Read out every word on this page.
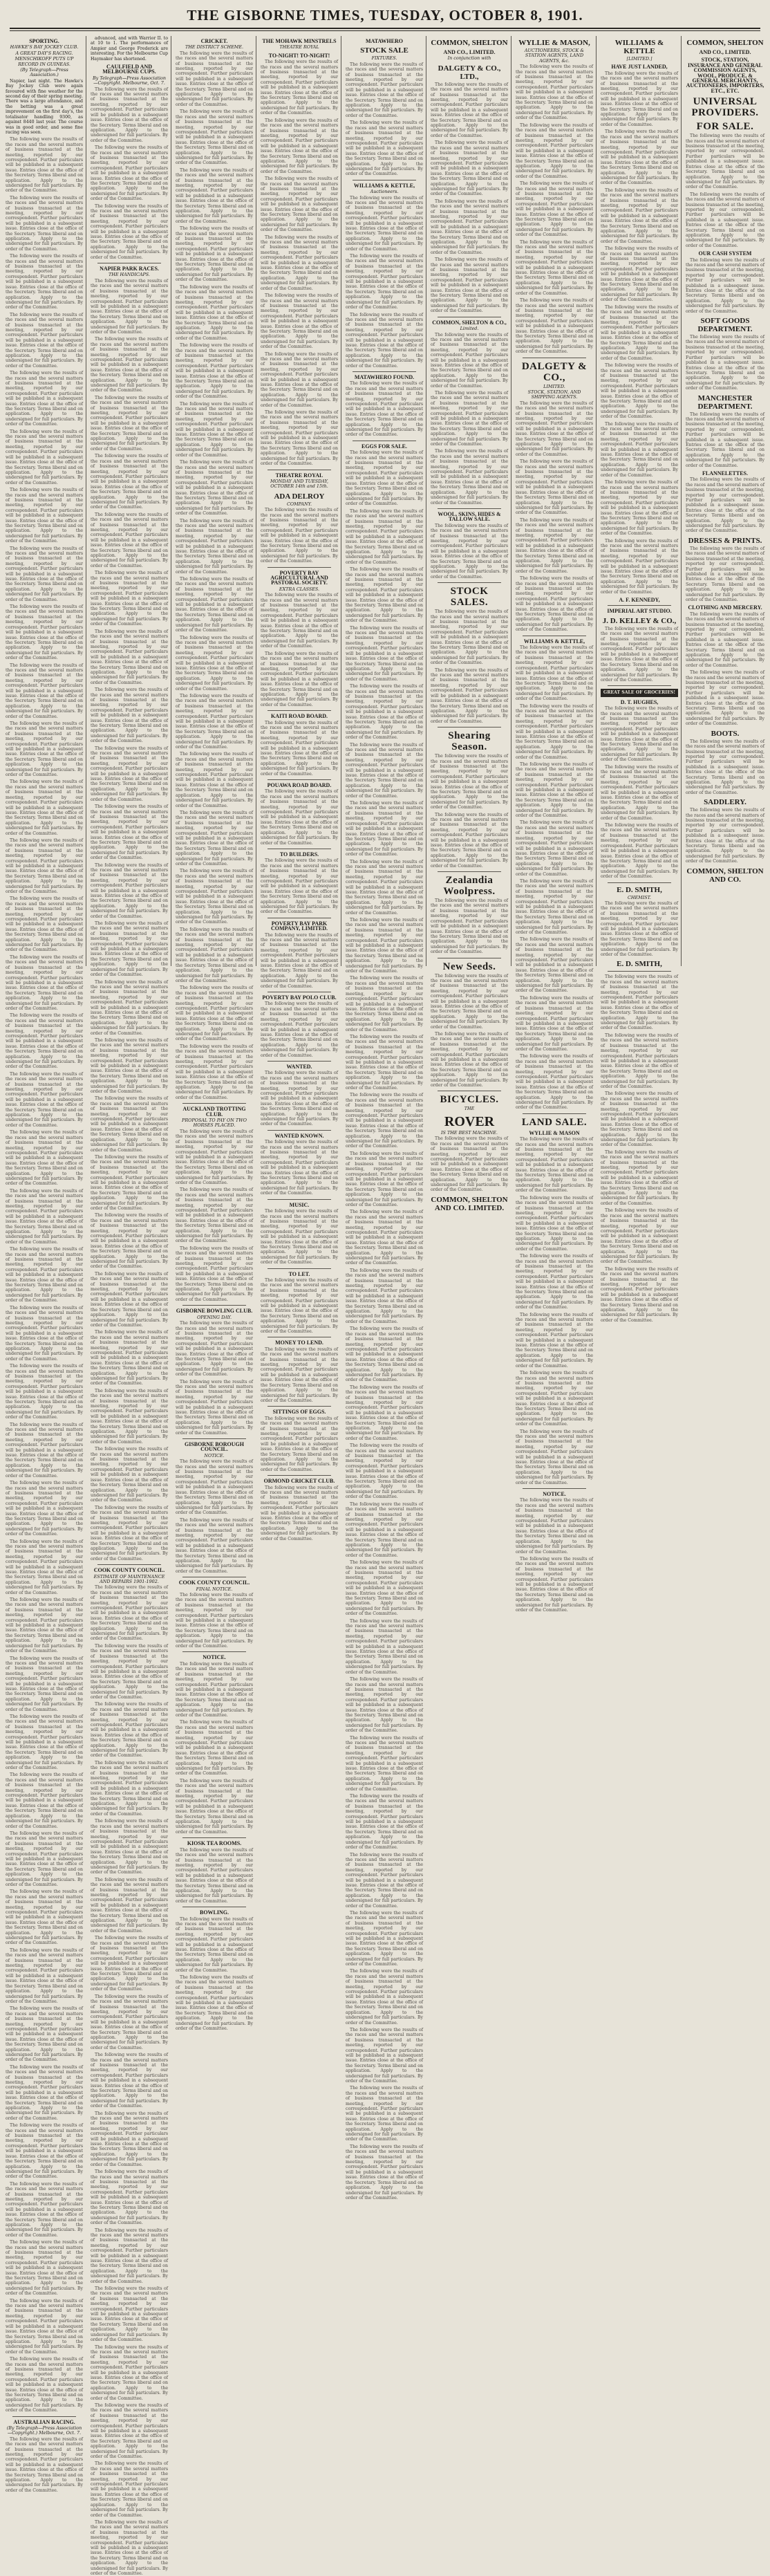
THE GISBORNE TIMES, TUESDAY, OCTOBER 8, 1901.
SPORTING.
HAWKE'S BAY JOCKEY CLUB.
A GREAT DAY'S RACING.
MENSCHIKOFF PUTS UP RECORD IN GUINEAS.
(By Telegraph—Press Association.)

Napier, last night. The Hawke's Bay Jockey Club were again favoured with fine weather for the second day of their spring meeting. There was a large attendance, and the betting was a great improvement on the first day's, the totalisator handling 9300, as against 8440 last year. The course was in good order, and some fine racing was seen.

The following were the results of the races and the several matters of business transacted at the meeting, reported by our correspondent. Further particulars will be published in a subsequent issue. Entries close at the office of the Secretary. Terms liberal and on application. Apply to the undersigned for full particulars. By order of the Committee.

The following were the results of the races and the several matters of business transacted at the meeting, reported by our correspondent. Further particulars will be published in a subsequent issue. Entries close at the office of the Secretary. Terms liberal and on application. Apply to the undersigned for full particulars. By order of the Committee.

The following were the results of the races and the several matters of business transacted at the meeting, reported by our correspondent. Further particulars will be published in a subsequent issue. Entries close at the office of the Secretary. Terms liberal and on application. Apply to the undersigned for full particulars. By order of the Committee.

The following were the results of the races and the several matters of business transacted at the meeting, reported by our correspondent. Further particulars will be published in a subsequent issue. Entries close at the office of the Secretary. Terms liberal and on application. Apply to the undersigned for full particulars. By order of the Committee.

The following were the results of the races and the several matters of business transacted at the meeting, reported by our correspondent. Further particulars will be published in a subsequent issue. Entries close at the office of the Secretary. Terms liberal and on application. Apply to the undersigned for full particulars. By order of the Committee.

The following were the results of the races and the several matters of business transacted at the meeting, reported by our correspondent. Further particulars will be published in a subsequent issue. Entries close at the office of the Secretary. Terms liberal and on application. Apply to the undersigned for full particulars. By order of the Committee.

The following were the results of the races and the several matters of business transacted at the meeting, reported by our correspondent. Further particulars will be published in a subsequent issue. Entries close at the office of the Secretary. Terms liberal and on application. Apply to the undersigned for full particulars. By order of the Committee.

The following were the results of the races and the several matters of business transacted at the meeting, reported by our correspondent. Further particulars will be published in a subsequent issue. Entries close at the office of the Secretary. Terms liberal and on application. Apply to the undersigned for full particulars. By order of the Committee.

The following were the results of the races and the several matters of business transacted at the meeting, reported by our correspondent. Further particulars will be published in a subsequent issue. Entries close at the office of the Secretary. Terms liberal and on application. Apply to the undersigned for full particulars. By order of the Committee.

The following were the results of the races and the several matters of business transacted at the meeting, reported by our correspondent. Further particulars will be published in a subsequent issue. Entries close at the office of the Secretary. Terms liberal and on application. Apply to the undersigned for full particulars. By order of the Committee.

The following were the results of the races and the several matters of business transacted at the meeting, reported by our correspondent. Further particulars will be published in a subsequent issue. Entries close at the office of the Secretary. Terms liberal and on application. Apply to the undersigned for full particulars. By order of the Committee.

The following were the results of the races and the several matters of business transacted at the meeting, reported by our correspondent. Further particulars will be published in a subsequent issue. Entries close at the office of the Secretary. Terms liberal and on application. Apply to the undersigned for full particulars. By order of the Committee.

The following were the results of the races and the several matters of business transacted at the meeting, reported by our correspondent. Further particulars will be published in a subsequent issue. Entries close at the office of the Secretary. Terms liberal and on application. Apply to the undersigned for full particulars. By order of the Committee.

The following were the results of the races and the several matters of business transacted at the meeting, reported by our correspondent. Further particulars will be published in a subsequent issue. Entries close at the office of the Secretary. Terms liberal and on application. Apply to the undersigned for full particulars. By order of the Committee.

The following were the results of the races and the several matters of business transacted at the meeting, reported by our correspondent. Further particulars will be published in a subsequent issue. Entries close at the office of the Secretary. Terms liberal and on application. Apply to the undersigned for full particulars. By order of the Committee.

The following were the results of the races and the several matters of business transacted at the meeting, reported by our correspondent. Further particulars will be published in a subsequent issue. Entries close at the office of the Secretary. Terms liberal and on application. Apply to the undersigned for full particulars. By order of the Committee.

The following were the results of the races and the several matters of business transacted at the meeting, reported by our correspondent. Further particulars will be published in a subsequent issue. Entries close at the office of the Secretary. Terms liberal and on application. Apply to the undersigned for full particulars. By order of the Committee.

The following were the results of the races and the several matters of business transacted at the meeting, reported by our correspondent. Further particulars will be published in a subsequent issue. Entries close at the office of the Secretary. Terms liberal and on application. Apply to the undersigned for full particulars. By order of the Committee.

The following were the results of the races and the several matters of business transacted at the meeting, reported by our correspondent. Further particulars will be published in a subsequent issue. Entries close at the office of the Secretary. Terms liberal and on application. Apply to the undersigned for full particulars. By order of the Committee.

The following were the results of the races and the several matters of business transacted at the meeting, reported by our correspondent. Further particulars will be published in a subsequent issue. Entries close at the office of the Secretary. Terms liberal and on application. Apply to the undersigned for full particulars. By order of the Committee.

The following were the results of the races and the several matters of business transacted at the meeting, reported by our correspondent. Further particulars will be published in a subsequent issue. Entries close at the office of the Secretary. Terms liberal and on application. Apply to the undersigned for full particulars. By order of the Committee.

The following were the results of the races and the several matters of business transacted at the meeting, reported by our correspondent. Further particulars will be published in a subsequent issue. Entries close at the office of the Secretary. Terms liberal and on application. Apply to the undersigned for full particulars. By order of the Committee.

The following were the results of the races and the several matters of business transacted at the meeting, reported by our correspondent. Further particulars will be published in a subsequent issue. Entries close at the office of the Secretary. Terms liberal and on application. Apply to the undersigned for full particulars. By order of the Committee.

The following were the results of the races and the several matters of business transacted at the meeting, reported by our correspondent. Further particulars will be published in a subsequent issue. Entries close at the office of the Secretary. Terms liberal and on application. Apply to the undersigned for full particulars. By order of the Committee.

The following were the results of the races and the several matters of business transacted at the meeting, reported by our correspondent. Further particulars will be published in a subsequent issue. Entries close at the office of the Secretary. Terms liberal and on application. Apply to the undersigned for full particulars. By order of the Committee.

The following were the results of the races and the several matters of business transacted at the meeting, reported by our correspondent. Further particulars will be published in a subsequent issue. Entries close at the office of the Secretary. Terms liberal and on application. Apply to the undersigned for full particulars. By order of the Committee.

The following were the results of the races and the several matters of business transacted at the meeting, reported by our correspondent. Further particulars will be published in a subsequent issue. Entries close at the office of the Secretary. Terms liberal and on application. Apply to the undersigned for full particulars. By order of the Committee.

The following were the results of the races and the several matters of business transacted at the meeting, reported by our correspondent. Further particulars will be published in a subsequent issue. Entries close at the office of the Secretary. Terms liberal and on application. Apply to the undersigned for full particulars. By order of the Committee.

The following were the results of the races and the several matters of business transacted at the meeting, reported by our correspondent. Further particulars will be published in a subsequent issue. Entries close at the office of the Secretary. Terms liberal and on application. Apply to the undersigned for full particulars. By order of the Committee.

The following were the results of the races and the several matters of business transacted at the meeting, reported by our correspondent. Further particulars will be published in a subsequent issue. Entries close at the office of the Secretary. Terms liberal and on application. Apply to the undersigned for full particulars. By order of the Committee.

The following were the results of the races and the several matters of business transacted at the meeting, reported by our correspondent. Further particulars will be published in a subsequent issue. Entries close at the office of the Secretary. Terms liberal and on application. Apply to the undersigned for full particulars. By order of the Committee.

The following were the results of the races and the several matters of business transacted at the meeting, reported by our correspondent. Further particulars will be published in a subsequent issue. Entries close at the office of the Secretary. Terms liberal and on application. Apply to the undersigned for full particulars. By order of the Committee.

The following were the results of the races and the several matters of business transacted at the meeting, reported by our correspondent. Further particulars will be published in a subsequent issue. Entries close at the office of the Secretary. Terms liberal and on application. Apply to the undersigned for full particulars. By order of the Committee.

The following were the results of the races and the several matters of business transacted at the meeting, reported by our correspondent. Further particulars will be published in a subsequent issue. Entries close at the office of the Secretary. Terms liberal and on application. Apply to the undersigned for full particulars. By order of the Committee.

The following were the results of the races and the several matters of business transacted at the meeting, reported by our correspondent. Further particulars will be published in a subsequent issue. Entries close at the office of the Secretary. Terms liberal and on application. Apply to the undersigned for full particulars. By order of the Committee.

The following were the results of the races and the several matters of business transacted at the meeting, reported by our correspondent. Further particulars will be published in a subsequent issue. Entries close at the office of the Secretary. Terms liberal and on application. Apply to the undersigned for full particulars. By order of the Committee.

The following were the results of the races and the several matters of business transacted at the meeting, reported by our correspondent. Further particulars will be published in a subsequent issue. Entries close at the office of the Secretary. Terms liberal and on application. Apply to the undersigned for full particulars. By order of the Committee.

The following were the results of the races and the several matters of business transacted at the meeting, reported by our correspondent. Further particulars will be published in a subsequent issue. Entries close at the office of the Secretary. Terms liberal and on application. Apply to the undersigned for full particulars. By order of the Committee.

The following were the results of the races and the several matters of business transacted at the meeting, reported by our correspondent. Further particulars will be published in a subsequent issue. Entries close at the office of the Secretary. Terms liberal and on application. Apply to the undersigned for full particulars. By order of the Committee.

AUSTRALIAN RACING.
(By Telegraph—Press Association—Copyright.) Melbourne, Oct. 7.

The following were the results of the races and the several matters of business transacted at the meeting, reported by our correspondent. Further particulars will be published in a subsequent issue. Entries close at the office of the Secretary. Terms liberal and on application. Apply to the undersigned for full particulars. By order of the Committee.

advanced, and with Warrior II. to at 10 to 1. The performances of Ampier and George Frederick are interesting. For the Melbourne Cup Haymaker has shortened.

CAULFIELD AND MELBOURNE CUPS.
By Telegraph—Press Association—Copyright. Melbourne, Oct. 7.

The following were the results of the races and the several matters of business transacted at the meeting, reported by our correspondent. Further particulars will be published in a subsequent issue. Entries close at the office of the Secretary. Terms liberal and on application. Apply to the undersigned for full particulars. By order of the Committee.

The following were the results of the races and the several matters of business transacted at the meeting, reported by our correspondent. Further particulars will be published in a subsequent issue. Entries close at the office of the Secretary. Terms liberal and on application. Apply to the undersigned for full particulars. By order of the Committee.

The following were the results of the races and the several matters of business transacted at the meeting, reported by our correspondent. Further particulars will be published in a subsequent issue. Entries close at the office of the Secretary. Terms liberal and on application. Apply to the undersigned for full particulars. By order of the Committee.

NAPIER PARK RACES.
THE HANDICAPS.

The following were the results of the races and the several matters of business transacted at the meeting, reported by our correspondent. Further particulars will be published in a subsequent issue. Entries close at the office of the Secretary. Terms liberal and on application. Apply to the undersigned for full particulars. By order of the Committee.

The following were the results of the races and the several matters of business transacted at the meeting, reported by our correspondent. Further particulars will be published in a subsequent issue. Entries close at the office of the Secretary. Terms liberal and on application. Apply to the undersigned for full particulars. By order of the Committee.

The following were the results of the races and the several matters of business transacted at the meeting, reported by our correspondent. Further particulars will be published in a subsequent issue. Entries close at the office of the Secretary. Terms liberal and on application. Apply to the undersigned for full particulars. By order of the Committee.

The following were the results of the races and the several matters of business transacted at the meeting, reported by our correspondent. Further particulars will be published in a subsequent issue. Entries close at the office of the Secretary. Terms liberal and on application. Apply to the undersigned for full particulars. By order of the Committee.

The following were the results of the races and the several matters of business transacted at the meeting, reported by our correspondent. Further particulars will be published in a subsequent issue. Entries close at the office of the Secretary. Terms liberal and on application. Apply to the undersigned for full particulars. By order of the Committee.

The following were the results of the races and the several matters of business transacted at the meeting, reported by our correspondent. Further particulars will be published in a subsequent issue. Entries close at the office of the Secretary. Terms liberal and on application. Apply to the undersigned for full particulars. By order of the Committee.

The following were the results of the races and the several matters of business transacted at the meeting, reported by our correspondent. Further particulars will be published in a subsequent issue. Entries close at the office of the Secretary. Terms liberal and on application. Apply to the undersigned for full particulars. By order of the Committee.

The following were the results of the races and the several matters of business transacted at the meeting, reported by our correspondent. Further particulars will be published in a subsequent issue. Entries close at the office of the Secretary. Terms liberal and on application. Apply to the undersigned for full particulars. By order of the Committee.

The following were the results of the races and the several matters of business transacted at the meeting, reported by our correspondent. Further particulars will be published in a subsequent issue. Entries close at the office of the Secretary. Terms liberal and on application. Apply to the undersigned for full particulars. By order of the Committee.

The following were the results of the races and the several matters of business transacted at the meeting, reported by our correspondent. Further particulars will be published in a subsequent issue. Entries close at the office of the Secretary. Terms liberal and on application. Apply to the undersigned for full particulars. By order of the Committee.

The following were the results of the races and the several matters of business transacted at the meeting, reported by our correspondent. Further particulars will be published in a subsequent issue. Entries close at the office of the Secretary. Terms liberal and on application. Apply to the undersigned for full particulars. By order of the Committee.

The following were the results of the races and the several matters of business transacted at the meeting, reported by our correspondent. Further particulars will be published in a subsequent issue. Entries close at the office of the Secretary. Terms liberal and on application. Apply to the undersigned for full particulars. By order of the Committee.

The following were the results of the races and the several matters of business transacted at the meeting, reported by our correspondent. Further particulars will be published in a subsequent issue. Entries close at the office of the Secretary. Terms liberal and on application. Apply to the undersigned for full particulars. By order of the Committee.

The following were the results of the races and the several matters of business transacted at the meeting, reported by our correspondent. Further particulars will be published in a subsequent issue. Entries close at the office of the Secretary. Terms liberal and on application. Apply to the undersigned for full particulars. By order of the Committee.

The following were the results of the races and the several matters of business transacted at the meeting, reported by our correspondent. Further particulars will be published in a subsequent issue. Entries close at the office of the Secretary. Terms liberal and on application. Apply to the undersigned for full particulars. By order of the Committee.

The following were the results of the races and the several matters of business transacted at the meeting, reported by our correspondent. Further particulars will be published in a subsequent issue. Entries close at the office of the Secretary. Terms liberal and on application. Apply to the undersigned for full particulars. By order of the Committee.

The following were the results of the races and the several matters of business transacted at the meeting, reported by our correspondent. Further particulars will be published in a subsequent issue. Entries close at the office of the Secretary. Terms liberal and on application. Apply to the undersigned for full particulars. By order of the Committee.

The following were the results of the races and the several matters of business transacted at the meeting, reported by our correspondent. Further particulars will be published in a subsequent issue. Entries close at the office of the Secretary. Terms liberal and on application. Apply to the undersigned for full particulars. By order of the Committee.

The following were the results of the races and the several matters of business transacted at the meeting, reported by our correspondent. Further particulars will be published in a subsequent issue. Entries close at the office of the Secretary. Terms liberal and on application. Apply to the undersigned for full particulars. By order of the Committee.

The following were the results of the races and the several matters of business transacted at the meeting, reported by our correspondent. Further particulars will be published in a subsequent issue. Entries close at the office of the Secretary. Terms liberal and on application. Apply to the undersigned for full particulars. By order of the Committee.

The following were the results of the races and the several matters of business transacted at the meeting, reported by our correspondent. Further particulars will be published in a subsequent issue. Entries close at the office of the Secretary. Terms liberal and on application. Apply to the undersigned for full particulars. By order of the Committee.

The following were the results of the races and the several matters of business transacted at the meeting, reported by our correspondent. Further particulars will be published in a subsequent issue. Entries close at the office of the Secretary. Terms liberal and on application. Apply to the undersigned for full particulars. By order of the Committee.

COOK COUNTY COUNCIL.
ESTIMATE OF MAINTENANCE AND REPAIRS 1901-1902.

The following were the results of the races and the several matters of business transacted at the meeting, reported by our correspondent. Further particulars will be published in a subsequent issue. Entries close at the office of the Secretary. Terms liberal and on application. Apply to the undersigned for full particulars. By order of the Committee.

The following were the results of the races and the several matters of business transacted at the meeting, reported by our correspondent. Further particulars will be published in a subsequent issue. Entries close at the office of the Secretary. Terms liberal and on application. Apply to the undersigned for full particulars. By order of the Committee.

The following were the results of the races and the several matters of business transacted at the meeting, reported by our correspondent. Further particulars will be published in a subsequent issue. Entries close at the office of the Secretary. Terms liberal and on application. Apply to the undersigned for full particulars. By order of the Committee.

The following were the results of the races and the several matters of business transacted at the meeting, reported by our correspondent. Further particulars will be published in a subsequent issue. Entries close at the office of the Secretary. Terms liberal and on application. Apply to the undersigned for full particulars. By order of the Committee.

The following were the results of the races and the several matters of business transacted at the meeting, reported by our correspondent. Further particulars will be published in a subsequent issue. Entries close at the office of the Secretary. Terms liberal and on application. Apply to the undersigned for full particulars. By order of the Committee.

The following were the results of the races and the several matters of business transacted at the meeting, reported by our correspondent. Further particulars will be published in a subsequent issue. Entries close at the office of the Secretary. Terms liberal and on application. Apply to the undersigned for full particulars. By order of the Committee.

The following were the results of the races and the several matters of business transacted at the meeting, reported by our correspondent. Further particulars will be published in a subsequent issue. Entries close at the office of the Secretary. Terms liberal and on application. Apply to the undersigned for full particulars. By order of the Committee.

The following were the results of the races and the several matters of business transacted at the meeting, reported by our correspondent. Further particulars will be published in a subsequent issue. Entries close at the office of the Secretary. Terms liberal and on application. Apply to the undersigned for full particulars. By order of the Committee.

The following were the results of the races and the several matters of business transacted at the meeting, reported by our correspondent. Further particulars will be published in a subsequent issue. Entries close at the office of the Secretary. Terms liberal and on application. Apply to the undersigned for full particulars. By order of the Committee.

The following were the results of the races and the several matters of business transacted at the meeting, reported by our correspondent. Further particulars will be published in a subsequent issue. Entries close at the office of the Secretary. Terms liberal and on application. Apply to the undersigned for full particulars. By order of the Committee.

The following were the results of the races and the several matters of business transacted at the meeting, reported by our correspondent. Further particulars will be published in a subsequent issue. Entries close at the office of the Secretary. Terms liberal and on application. Apply to the undersigned for full particulars. By order of the Committee.

The following were the results of the races and the several matters of business transacted at the meeting, reported by our correspondent. Further particulars will be published in a subsequent issue. Entries close at the office of the Secretary. Terms liberal and on application. Apply to the undersigned for full particulars. By order of the Committee.

The following were the results of the races and the several matters of business transacted at the meeting, reported by our correspondent. Further particulars will be published in a subsequent issue. Entries close at the office of the Secretary. Terms liberal and on application. Apply to the undersigned for full particulars. By order of the Committee.

The following were the results of the races and the several matters of business transacted at the meeting, reported by our correspondent. Further particulars will be published in a subsequent issue. Entries close at the office of the Secretary. Terms liberal and on application. Apply to the undersigned for full particulars. By order of the Committee.

The following were the results of the races and the several matters of business transacted at the meeting, reported by our correspondent. Further particulars will be published in a subsequent issue. Entries close at the office of the Secretary. Terms liberal and on application. Apply to the undersigned for full particulars. By order of the Committee.

The following were the results of the races and the several matters of business transacted at the meeting, reported by our correspondent. Further particulars will be published in a subsequent issue. Entries close at the office of the Secretary. Terms liberal and on application. Apply to the undersigned for full particulars. By order of the Committee.

The following were the results of the races and the several matters of business transacted at the meeting, reported by our correspondent. Further particulars will be published in a subsequent issue. Entries close at the office of the Secretary. Terms liberal and on application. Apply to the undersigned for full particulars. By order of the Committee.

CRICKET.
THE DISTRICT SCHEME.

The following were the results of the races and the several matters of business transacted at the meeting, reported by our correspondent. Further particulars will be published in a subsequent issue. Entries close at the office of the Secretary. Terms liberal and on application. Apply to the undersigned for full particulars. By order of the Committee.

The following were the results of the races and the several matters of business transacted at the meeting, reported by our correspondent. Further particulars will be published in a subsequent issue. Entries close at the office of the Secretary. Terms liberal and on application. Apply to the undersigned for full particulars. By order of the Committee.

The following were the results of the races and the several matters of business transacted at the meeting, reported by our correspondent. Further particulars will be published in a subsequent issue. Entries close at the office of the Secretary. Terms liberal and on application. Apply to the undersigned for full particulars. By order of the Committee.

The following were the results of the races and the several matters of business transacted at the meeting, reported by our correspondent. Further particulars will be published in a subsequent issue. Entries close at the office of the Secretary. Terms liberal and on application. Apply to the undersigned for full particulars. By order of the Committee.

The following were the results of the races and the several matters of business transacted at the meeting, reported by our correspondent. Further particulars will be published in a subsequent issue. Entries close at the office of the Secretary. Terms liberal and on application. Apply to the undersigned for full particulars. By order of the Committee.

The following were the results of the races and the several matters of business transacted at the meeting, reported by our correspondent. Further particulars will be published in a subsequent issue. Entries close at the office of the Secretary. Terms liberal and on application. Apply to the undersigned for full particulars. By order of the Committee.

The following were the results of the races and the several matters of business transacted at the meeting, reported by our correspondent. Further particulars will be published in a subsequent issue. Entries close at the office of the Secretary. Terms liberal and on application. Apply to the undersigned for full particulars. By order of the Committee.

The following were the results of the races and the several matters of business transacted at the meeting, reported by our correspondent. Further particulars will be published in a subsequent issue. Entries close at the office of the Secretary. Terms liberal and on application. Apply to the undersigned for full particulars. By order of the Committee.

The following were the results of the races and the several matters of business transacted at the meeting, reported by our correspondent. Further particulars will be published in a subsequent issue. Entries close at the office of the Secretary. Terms liberal and on application. Apply to the undersigned for full particulars. By order of the Committee.

The following were the results of the races and the several matters of business transacted at the meeting, reported by our correspondent. Further particulars will be published in a subsequent issue. Entries close at the office of the Secretary. Terms liberal and on application. Apply to the undersigned for full particulars. By order of the Committee.

The following were the results of the races and the several matters of business transacted at the meeting, reported by our correspondent. Further particulars will be published in a subsequent issue. Entries close at the office of the Secretary. Terms liberal and on application. Apply to the undersigned for full particulars. By order of the Committee.

The following were the results of the races and the several matters of business transacted at the meeting, reported by our correspondent. Further particulars will be published in a subsequent issue. Entries close at the office of the Secretary. Terms liberal and on application. Apply to the undersigned for full particulars. By order of the Committee.

The following were the results of the races and the several matters of business transacted at the meeting, reported by our correspondent. Further particulars will be published in a subsequent issue. Entries close at the office of the Secretary. Terms liberal and on application. Apply to the undersigned for full particulars. By order of the Committee.

The following were the results of the races and the several matters of business transacted at the meeting, reported by our correspondent. Further particulars will be published in a subsequent issue. Entries close at the office of the Secretary. Terms liberal and on application. Apply to the undersigned for full particulars. By order of the Committee.

The following were the results of the races and the several matters of business transacted at the meeting, reported by our correspondent. Further particulars will be published in a subsequent issue. Entries close at the office of the Secretary. Terms liberal and on application. Apply to the undersigned for full particulars. By order of the Committee.

The following were the results of the races and the several matters of business transacted at the meeting, reported by our correspondent. Further particulars will be published in a subsequent issue. Entries close at the office of the Secretary. Terms liberal and on application. Apply to the undersigned for full particulars. By order of the Committee.

The following were the results of the races and the several matters of business transacted at the meeting, reported by our correspondent. Further particulars will be published in a subsequent issue. Entries close at the office of the Secretary. Terms liberal and on application. Apply to the undersigned for full particulars. By order of the Committee.

The following were the results of the races and the several matters of business transacted at the meeting, reported by our correspondent. Further particulars will be published in a subsequent issue. Entries close at the office of the Secretary. Terms liberal and on application. Apply to the undersigned for full particulars. By order of the Committee.

AUCKLAND TROTTING CLUB.
PROPOSAL TO PAY ON TWO HORSES PLACED.

The following were the results of the races and the several matters of business transacted at the meeting, reported by our correspondent. Further particulars will be published in a subsequent issue. Entries close at the office of the Secretary. Terms liberal and on application. Apply to the undersigned for full particulars. By order of the Committee.

The following were the results of the races and the several matters of business transacted at the meeting, reported by our correspondent. Further particulars will be published in a subsequent issue. Entries close at the office of the Secretary. Terms liberal and on application. Apply to the undersigned for full particulars. By order of the Committee.

The following were the results of the races and the several matters of business transacted at the meeting, reported by our correspondent. Further particulars will be published in a subsequent issue. Entries close at the office of the Secretary. Terms liberal and on application. Apply to the undersigned for full particulars. By order of the Committee.

GISBORNE BOWLING CLUB.
OPENING DAY.

The following were the results of the races and the several matters of business transacted at the meeting, reported by our correspondent. Further particulars will be published in a subsequent issue. Entries close at the office of the Secretary. Terms liberal and on application. Apply to the undersigned for full particulars. By order of the Committee.

The following were the results of the races and the several matters of business transacted at the meeting, reported by our correspondent. Further particulars will be published in a subsequent issue. Entries close at the office of the Secretary. Terms liberal and on application. Apply to the undersigned for full particulars. By order of the Committee.

GISBORNE BOROUGH COUNCIL.
NOTICE.

The following were the results of the races and the several matters of business transacted at the meeting, reported by our correspondent. Further particulars will be published in a subsequent issue. Entries close at the office of the Secretary. Terms liberal and on application. Apply to the undersigned for full particulars. By order of the Committee.

The following were the results of the races and the several matters of business transacted at the meeting, reported by our correspondent. Further particulars will be published in a subsequent issue. Entries close at the office of the Secretary. Terms liberal and on application. Apply to the undersigned for full particulars. By order of the Committee.

COOK COUNTY COUNCIL.
FINAL NOTICE.

The following were the results of the races and the several matters of business transacted at the meeting, reported by our correspondent. Further particulars will be published in a subsequent issue. Entries close at the office of the Secretary. Terms liberal and on application. Apply to the undersigned for full particulars. By order of the Committee.

NOTICE.

The following were the results of the races and the several matters of business transacted at the meeting, reported by our correspondent. Further particulars will be published in a subsequent issue. Entries close at the office of the Secretary. Terms liberal and on application. Apply to the undersigned for full particulars. By order of the Committee.

The following were the results of the races and the several matters of business transacted at the meeting, reported by our correspondent. Further particulars will be published in a subsequent issue. Entries close at the office of the Secretary. Terms liberal and on application. Apply to the undersigned for full particulars. By order of the Committee.

The following were the results of the races and the several matters of business transacted at the meeting, reported by our correspondent. Further particulars will be published in a subsequent issue. Entries close at the office of the Secretary. Terms liberal and on application. Apply to the undersigned for full particulars. By order of the Committee.

KIOSK TEA ROOMS.

The following were the results of the races and the several matters of business transacted at the meeting, reported by our correspondent. Further particulars will be published in a subsequent issue. Entries close at the office of the Secretary. Terms liberal and on application. Apply to the undersigned for full particulars. By order of the Committee.

BOWLING.

The following were the results of the races and the several matters of business transacted at the meeting, reported by our correspondent. Further particulars will be published in a subsequent issue. Entries close at the office of the Secretary. Terms liberal and on application. Apply to the undersigned for full particulars. By order of the Committee.

The following were the results of the races and the several matters of business transacted at the meeting, reported by our correspondent. Further particulars will be published in a subsequent issue. Entries close at the office of the Secretary. Terms liberal and on application. Apply to the undersigned for full particulars. By order of the Committee.

THE MOHAWK MINSTRELS
THEATRE ROYAL
TO-NIGHT! TO-NIGHT!

The following were the results of the races and the several matters of business transacted at the meeting, reported by our correspondent. Further particulars will be published in a subsequent issue. Entries close at the office of the Secretary. Terms liberal and on application. Apply to the undersigned for full particulars. By order of the Committee.

The following were the results of the races and the several matters of business transacted at the meeting, reported by our correspondent. Further particulars will be published in a subsequent issue. Entries close at the office of the Secretary. Terms liberal and on application. Apply to the undersigned for full particulars. By order of the Committee.

The following were the results of the races and the several matters of business transacted at the meeting, reported by our correspondent. Further particulars will be published in a subsequent issue. Entries close at the office of the Secretary. Terms liberal and on application. Apply to the undersigned for full particulars. By order of the Committee.

The following were the results of the races and the several matters of business transacted at the meeting, reported by our correspondent. Further particulars will be published in a subsequent issue. Entries close at the office of the Secretary. Terms liberal and on application. Apply to the undersigned for full particulars. By order of the Committee.

The following were the results of the races and the several matters of business transacted at the meeting, reported by our correspondent. Further particulars will be published in a subsequent issue. Entries close at the office of the Secretary. Terms liberal and on application. Apply to the undersigned for full particulars. By order of the Committee.

The following were the results of the races and the several matters of business transacted at the meeting, reported by our correspondent. Further particulars will be published in a subsequent issue. Entries close at the office of the Secretary. Terms liberal and on application. Apply to the undersigned for full particulars. By order of the Committee.

The following were the results of the races and the several matters of business transacted at the meeting, reported by our correspondent. Further particulars will be published in a subsequent issue. Entries close at the office of the Secretary. Terms liberal and on application. Apply to the undersigned for full particulars. By order of the Committee.

THEATRE ROYAL
MONDAY AND TUESDAY, OCTOBER 14th and 15th.
ADA DELROY
COMPANY.

The following were the results of the races and the several matters of business transacted at the meeting, reported by our correspondent. Further particulars will be published in a subsequent issue. Entries close at the office of the Secretary. Terms liberal and on application. Apply to the undersigned for full particulars. By order of the Committee.

POVERTY BAY AGRICULTURAL AND PASTORAL SOCIETY.
EXTRA CLASSES.

The following were the results of the races and the several matters of business transacted at the meeting, reported by our correspondent. Further particulars will be published in a subsequent issue. Entries close at the office of the Secretary. Terms liberal and on application. Apply to the undersigned for full particulars. By order of the Committee.

The following were the results of the races and the several matters of business transacted at the meeting, reported by our correspondent. Further particulars will be published in a subsequent issue. Entries close at the office of the Secretary. Terms liberal and on application. Apply to the undersigned for full particulars. By order of the Committee.

KAITI ROAD BOARD.

The following were the results of the races and the several matters of business transacted at the meeting, reported by our correspondent. Further particulars will be published in a subsequent issue. Entries close at the office of the Secretary. Terms liberal and on application. Apply to the undersigned for full particulars. By order of the Committee.

POUAWA ROAD BOARD.

The following were the results of the races and the several matters of business transacted at the meeting, reported by our correspondent. Further particulars will be published in a subsequent issue. Entries close at the office of the Secretary. Terms liberal and on application. Apply to the undersigned for full particulars. By order of the Committee.

TO BUILDERS.

The following were the results of the races and the several matters of business transacted at the meeting, reported by our correspondent. Further particulars will be published in a subsequent issue. Entries close at the office of the Secretary. Terms liberal and on application. Apply to the undersigned for full particulars. By order of the Committee.

POVERTY BAY PARK COMPANY, LIMITED.

The following were the results of the races and the several matters of business transacted at the meeting, reported by our correspondent. Further particulars will be published in a subsequent issue. Entries close at the office of the Secretary. Terms liberal and on application. Apply to the undersigned for full particulars. By order of the Committee.

POVERTY BAY POLO CLUB.

The following were the results of the races and the several matters of business transacted at the meeting, reported by our correspondent. Further particulars will be published in a subsequent issue. Entries close at the office of the Secretary. Terms liberal and on application. Apply to the undersigned for full particulars. By order of the Committee.

WANTED.

The following were the results of the races and the several matters of business transacted at the meeting, reported by our correspondent. Further particulars will be published in a subsequent issue. Entries close at the office of the Secretary. Terms liberal and on application. Apply to the undersigned for full particulars. By order of the Committee.

WANTED KNOWN.

The following were the results of the races and the several matters of business transacted at the meeting, reported by our correspondent. Further particulars will be published in a subsequent issue. Entries close at the office of the Secretary. Terms liberal and on application. Apply to the undersigned for full particulars. By order of the Committee.

MUSIC.

The following were the results of the races and the several matters of business transacted at the meeting, reported by our correspondent. Further particulars will be published in a subsequent issue. Entries close at the office of the Secretary. Terms liberal and on application. Apply to the undersigned for full particulars. By order of the Committee.

TO LET.

The following were the results of the races and the several matters of business transacted at the meeting, reported by our correspondent. Further particulars will be published in a subsequent issue. Entries close at the office of the Secretary. Terms liberal and on application. Apply to the undersigned for full particulars. By order of the Committee.

MONEY TO LEND.

The following were the results of the races and the several matters of business transacted at the meeting, reported by our correspondent. Further particulars will be published in a subsequent issue. Entries close at the office of the Secretary. Terms liberal and on application. Apply to the undersigned for full particulars. By order of the Committee.

SITTINGS OF EGGS.

The following were the results of the races and the several matters of business transacted at the meeting, reported by our correspondent. Further particulars will be published in a subsequent issue. Entries close at the office of the Secretary. Terms liberal and on application. Apply to the undersigned for full particulars. By order of the Committee.

ORMOND CRICKET CLUB.

The following were the results of the races and the several matters of business transacted at the meeting, reported by our correspondent. Further particulars will be published in a subsequent issue. Entries close at the office of the Secretary. Terms liberal and on application. Apply to the undersigned for full particulars. By order of the Committee.

MATAWHERO
STOCK SALE
FIXTURES.

The following were the results of the races and the several matters of business transacted at the meeting, reported by our correspondent. Further particulars will be published in a subsequent issue. Entries close at the office of the Secretary. Terms liberal and on application. Apply to the undersigned for full particulars. By order of the Committee.

The following were the results of the races and the several matters of business transacted at the meeting, reported by our correspondent. Further particulars will be published in a subsequent issue. Entries close at the office of the Secretary. Terms liberal and on application. Apply to the undersigned for full particulars. By order of the Committee.

WILLIAMS & KETTLE,
Auctioneers.

The following were the results of the races and the several matters of business transacted at the meeting, reported by our correspondent. Further particulars will be published in a subsequent issue. Entries close at the office of the Secretary. Terms liberal and on application. Apply to the undersigned for full particulars. By order of the Committee.

The following were the results of the races and the several matters of business transacted at the meeting, reported by our correspondent. Further particulars will be published in a subsequent issue. Entries close at the office of the Secretary. Terms liberal and on application. Apply to the undersigned for full particulars. By order of the Committee.

The following were the results of the races and the several matters of business transacted at the meeting, reported by our correspondent. Further particulars will be published in a subsequent issue. Entries close at the office of the Secretary. Terms liberal and on application. Apply to the undersigned for full particulars. By order of the Committee.

MATAWHERO FOUND.

The following were the results of the races and the several matters of business transacted at the meeting, reported by our correspondent. Further particulars will be published in a subsequent issue. Entries close at the office of the Secretary. Terms liberal and on application. Apply to the undersigned for full particulars. By order of the Committee.

EGGS FOR SALE.

The following were the results of the races and the several matters of business transacted at the meeting, reported by our correspondent. Further particulars will be published in a subsequent issue. Entries close at the office of the Secretary. Terms liberal and on application. Apply to the undersigned for full particulars. By order of the Committee.

The following were the results of the races and the several matters of business transacted at the meeting, reported by our correspondent. Further particulars will be published in a subsequent issue. Entries close at the office of the Secretary. Terms liberal and on application. Apply to the undersigned for full particulars. By order of the Committee.

The following were the results of the races and the several matters of business transacted at the meeting, reported by our correspondent. Further particulars will be published in a subsequent issue. Entries close at the office of the Secretary. Terms liberal and on application. Apply to the undersigned for full particulars. By order of the Committee.

The following were the results of the races and the several matters of business transacted at the meeting, reported by our correspondent. Further particulars will be published in a subsequent issue. Entries close at the office of the Secretary. Terms liberal and on application. Apply to the undersigned for full particulars. By order of the Committee.

The following were the results of the races and the several matters of business transacted at the meeting, reported by our correspondent. Further particulars will be published in a subsequent issue. Entries close at the office of the Secretary. Terms liberal and on application. Apply to the undersigned for full particulars. By order of the Committee.

The following were the results of the races and the several matters of business transacted at the meeting, reported by our correspondent. Further particulars will be published in a subsequent issue. Entries close at the office of the Secretary. Terms liberal and on application. Apply to the undersigned for full particulars. By order of the Committee.

The following were the results of the races and the several matters of business transacted at the meeting, reported by our correspondent. Further particulars will be published in a subsequent issue. Entries close at the office of the Secretary. Terms liberal and on application. Apply to the undersigned for full particulars. By order of the Committee.

The following were the results of the races and the several matters of business transacted at the meeting, reported by our correspondent. Further particulars will be published in a subsequent issue. Entries close at the office of the Secretary. Terms liberal and on application. Apply to the undersigned for full particulars. By order of the Committee.

The following were the results of the races and the several matters of business transacted at the meeting, reported by our correspondent. Further particulars will be published in a subsequent issue. Entries close at the office of the Secretary. Terms liberal and on application. Apply to the undersigned for full particulars. By order of the Committee.

The following were the results of the races and the several matters of business transacted at the meeting, reported by our correspondent. Further particulars will be published in a subsequent issue. Entries close at the office of the Secretary. Terms liberal and on application. Apply to the undersigned for full particulars. By order of the Committee.

The following were the results of the races and the several matters of business transacted at the meeting, reported by our correspondent. Further particulars will be published in a subsequent issue. Entries close at the office of the Secretary. Terms liberal and on application. Apply to the undersigned for full particulars. By order of the Committee.

The following were the results of the races and the several matters of business transacted at the meeting, reported by our correspondent. Further particulars will be published in a subsequent issue. Entries close at the office of the Secretary. Terms liberal and on application. Apply to the undersigned for full particulars. By order of the Committee.

The following were the results of the races and the several matters of business transacted at the meeting, reported by our correspondent. Further particulars will be published in a subsequent issue. Entries close at the office of the Secretary. Terms liberal and on application. Apply to the undersigned for full particulars. By order of the Committee.

The following were the results of the races and the several matters of business transacted at the meeting, reported by our correspondent. Further particulars will be published in a subsequent issue. Entries close at the office of the Secretary. Terms liberal and on application. Apply to the undersigned for full particulars. By order of the Committee.

The following were the results of the races and the several matters of business transacted at the meeting, reported by our correspondent. Further particulars will be published in a subsequent issue. Entries close at the office of the Secretary. Terms liberal and on application. Apply to the undersigned for full particulars. By order of the Committee.

The following were the results of the races and the several matters of business transacted at the meeting, reported by our correspondent. Further particulars will be published in a subsequent issue. Entries close at the office of the Secretary. Terms liberal and on application. Apply to the undersigned for full particulars. By order of the Committee.

The following were the results of the races and the several matters of business transacted at the meeting, reported by our correspondent. Further particulars will be published in a subsequent issue. Entries close at the office of the Secretary. Terms liberal and on application. Apply to the undersigned for full particulars. By order of the Committee.

The following were the results of the races and the several matters of business transacted at the meeting, reported by our correspondent. Further particulars will be published in a subsequent issue. Entries close at the office of the Secretary. Terms liberal and on application. Apply to the undersigned for full particulars. By order of the Committee.

The following were the results of the races and the several matters of business transacted at the meeting, reported by our correspondent. Further particulars will be published in a subsequent issue. Entries close at the office of the Secretary. Terms liberal and on application. Apply to the undersigned for full particulars. By order of the Committee.

The following were the results of the races and the several matters of business transacted at the meeting, reported by our correspondent. Further particulars will be published in a subsequent issue. Entries close at the office of the Secretary. Terms liberal and on application. Apply to the undersigned for full particulars. By order of the Committee.

The following were the results of the races and the several matters of business transacted at the meeting, reported by our correspondent. Further particulars will be published in a subsequent issue. Entries close at the office of the Secretary. Terms liberal and on application. Apply to the undersigned for full particulars. By order of the Committee.

The following were the results of the races and the several matters of business transacted at the meeting, reported by our correspondent. Further particulars will be published in a subsequent issue. Entries close at the office of the Secretary. Terms liberal and on application. Apply to the undersigned for full particulars. By order of the Committee.

The following were the results of the races and the several matters of business transacted at the meeting, reported by our correspondent. Further particulars will be published in a subsequent issue. Entries close at the office of the Secretary. Terms liberal and on application. Apply to the undersigned for full particulars. By order of the Committee.

The following were the results of the races and the several matters of business transacted at the meeting, reported by our correspondent. Further particulars will be published in a subsequent issue. Entries close at the office of the Secretary. Terms liberal and on application. Apply to the undersigned for full particulars. By order of the Committee.

The following were the results of the races and the several matters of business transacted at the meeting, reported by our correspondent. Further particulars will be published in a subsequent issue. Entries close at the office of the Secretary. Terms liberal and on application. Apply to the undersigned for full particulars. By order of the Committee.

The following were the results of the races and the several matters of business transacted at the meeting, reported by our correspondent. Further particulars will be published in a subsequent issue. Entries close at the office of the Secretary. Terms liberal and on application. Apply to the undersigned for full particulars. By order of the Committee.

The following were the results of the races and the several matters of business transacted at the meeting, reported by our correspondent. Further particulars will be published in a subsequent issue. Entries close at the office of the Secretary. Terms liberal and on application. Apply to the undersigned for full particulars. By order of the Committee.

The following were the results of the races and the several matters of business transacted at the meeting, reported by our correspondent. Further particulars will be published in a subsequent issue. Entries close at the office of the Secretary. Terms liberal and on application. Apply to the undersigned for full particulars. By order of the Committee.

The following were the results of the races and the several matters of business transacted at the meeting, reported by our correspondent. Further particulars will be published in a subsequent issue. Entries close at the office of the Secretary. Terms liberal and on application. Apply to the undersigned for full particulars. By order of the Committee.

The following were the results of the races and the several matters of business transacted at the meeting, reported by our correspondent. Further particulars will be published in a subsequent issue. Entries close at the office of the Secretary. Terms liberal and on application. Apply to the undersigned for full particulars. By order of the Committee.

COMMON, SHELTON
AND CO., LIMITED.
In conjunction with
DALGETY & CO., LTD.,

The following were the results of the races and the several matters of business transacted at the meeting, reported by our correspondent. Further particulars will be published in a subsequent issue. Entries close at the office of the Secretary. Terms liberal and on application. Apply to the undersigned for full particulars. By order of the Committee.

The following were the results of the races and the several matters of business transacted at the meeting, reported by our correspondent. Further particulars will be published in a subsequent issue. Entries close at the office of the Secretary. Terms liberal and on application. Apply to the undersigned for full particulars. By order of the Committee.

The following were the results of the races and the several matters of business transacted at the meeting, reported by our correspondent. Further particulars will be published in a subsequent issue. Entries close at the office of the Secretary. Terms liberal and on application. Apply to the undersigned for full particulars. By order of the Committee.

The following were the results of the races and the several matters of business transacted at the meeting, reported by our correspondent. Further particulars will be published in a subsequent issue. Entries close at the office of the Secretary. Terms liberal and on application. Apply to the undersigned for full particulars. By order of the Committee.

COMMON, SHELTON & CO.,
Limited.

The following were the results of the races and the several matters of business transacted at the meeting, reported by our correspondent. Further particulars will be published in a subsequent issue. Entries close at the office of the Secretary. Terms liberal and on application. Apply to the undersigned for full particulars. By order of the Committee.

The following were the results of the races and the several matters of business transacted at the meeting, reported by our correspondent. Further particulars will be published in a subsequent issue. Entries close at the office of the Secretary. Terms liberal and on application. Apply to the undersigned for full particulars. By order of the Committee.

The following were the results of the races and the several matters of business transacted at the meeting, reported by our correspondent. Further particulars will be published in a subsequent issue. Entries close at the office of the Secretary. Terms liberal and on application. Apply to the undersigned for full particulars. By order of the Committee.

WOOL, SKINS, HIDES & TALLOW SALE.

The following were the results of the races and the several matters of business transacted at the meeting, reported by our correspondent. Further particulars will be published in a subsequent issue. Entries close at the office of the Secretary. Terms liberal and on application. Apply to the undersigned for full particulars. By order of the Committee.

STOCK SALES.

The following were the results of the races and the several matters of business transacted at the meeting, reported by our correspondent. Further particulars will be published in a subsequent issue. Entries close at the office of the Secretary. Terms liberal and on application. Apply to the undersigned for full particulars. By order of the Committee.

The following were the results of the races and the several matters of business transacted at the meeting, reported by our correspondent. Further particulars will be published in a subsequent issue. Entries close at the office of the Secretary. Terms liberal and on application. Apply to the undersigned for full particulars. By order of the Committee.

Shearing Season.

The following were the results of the races and the several matters of business transacted at the meeting, reported by our correspondent. Further particulars will be published in a subsequent issue. Entries close at the office of the Secretary. Terms liberal and on application. Apply to the undersigned for full particulars. By order of the Committee.

The following were the results of the races and the several matters of business transacted at the meeting, reported by our correspondent. Further particulars will be published in a subsequent issue. Entries close at the office of the Secretary. Terms liberal and on application. Apply to the undersigned for full particulars. By order of the Committee.

Zealandia Woolpress.

The following were the results of the races and the several matters of business transacted at the meeting, reported by our correspondent. Further particulars will be published in a subsequent issue. Entries close at the office of the Secretary. Terms liberal and on application. Apply to the undersigned for full particulars. By order of the Committee.

New Seeds.

The following were the results of the races and the several matters of business transacted at the meeting, reported by our correspondent. Further particulars will be published in a subsequent issue. Entries close at the office of the Secretary. Terms liberal and on application. Apply to the undersigned for full particulars. By order of the Committee.

The following were the results of the races and the several matters of business transacted at the meeting, reported by our correspondent. Further particulars will be published in a subsequent issue. Entries close at the office of the Secretary. Terms liberal and on application. Apply to the undersigned for full particulars. By order of the Committee.

BICYCLES.
THE
ROVER
IS THE BEST MACHINE.

The following were the results of the races and the several matters of business transacted at the meeting, reported by our correspondent. Further particulars will be published in a subsequent issue. Entries close at the office of the Secretary. Terms liberal and on application. Apply to the undersigned for full particulars. By order of the Committee.

COMMON, SHELTON AND CO. LIMITED.
WYLLIE & MASON,
AUCTIONEERS, STOCK & STATION AGENTS, LAND AGENTS, &c.

The following were the results of the races and the several matters of business transacted at the meeting, reported by our correspondent. Further particulars will be published in a subsequent issue. Entries close at the office of the Secretary. Terms liberal and on application. Apply to the undersigned for full particulars. By order of the Committee.

The following were the results of the races and the several matters of business transacted at the meeting, reported by our correspondent. Further particulars will be published in a subsequent issue. Entries close at the office of the Secretary. Terms liberal and on application. Apply to the undersigned for full particulars. By order of the Committee.

The following were the results of the races and the several matters of business transacted at the meeting, reported by our correspondent. Further particulars will be published in a subsequent issue. Entries close at the office of the Secretary. Terms liberal and on application. Apply to the undersigned for full particulars. By order of the Committee.

The following were the results of the races and the several matters of business transacted at the meeting, reported by our correspondent. Further particulars will be published in a subsequent issue. Entries close at the office of the Secretary. Terms liberal and on application. Apply to the undersigned for full particulars. By order of the Committee.

The following were the results of the races and the several matters of business transacted at the meeting, reported by our correspondent. Further particulars will be published in a subsequent issue. Entries close at the office of the Secretary. Terms liberal and on application. Apply to the undersigned for full particulars. By order of the Committee.

DALGETY & CO.,
LIMITED.
STOCK, STATION, AND SHIPPING AGENTS.

The following were the results of the races and the several matters of business transacted at the meeting, reported by our correspondent. Further particulars will be published in a subsequent issue. Entries close at the office of the Secretary. Terms liberal and on application. Apply to the undersigned for full particulars. By order of the Committee.

The following were the results of the races and the several matters of business transacted at the meeting, reported by our correspondent. Further particulars will be published in a subsequent issue. Entries close at the office of the Secretary. Terms liberal and on application. Apply to the undersigned for full particulars. By order of the Committee.

The following were the results of the races and the several matters of business transacted at the meeting, reported by our correspondent. Further particulars will be published in a subsequent issue. Entries close at the office of the Secretary. Terms liberal and on application. Apply to the undersigned for full particulars. By order of the Committee.

The following were the results of the races and the several matters of business transacted at the meeting, reported by our correspondent. Further particulars will be published in a subsequent issue. Entries close at the office of the Secretary. Terms liberal and on application. Apply to the undersigned for full particulars. By order of the Committee.

WILLIAMS & KETTLE,

The following were the results of the races and the several matters of business transacted at the meeting, reported by our correspondent. Further particulars will be published in a subsequent issue. Entries close at the office of the Secretary. Terms liberal and on application. Apply to the undersigned for full particulars. By order of the Committee.

The following were the results of the races and the several matters of business transacted at the meeting, reported by our correspondent. Further particulars will be published in a subsequent issue. Entries close at the office of the Secretary. Terms liberal and on application. Apply to the undersigned for full particulars. By order of the Committee.

The following were the results of the races and the several matters of business transacted at the meeting, reported by our correspondent. Further particulars will be published in a subsequent issue. Entries close at the office of the Secretary. Terms liberal and on application. Apply to the undersigned for full particulars. By order of the Committee.

The following were the results of the races and the several matters of business transacted at the meeting, reported by our correspondent. Further particulars will be published in a subsequent issue. Entries close at the office of the Secretary. Terms liberal and on application. Apply to the undersigned for full particulars. By order of the Committee.

The following were the results of the races and the several matters of business transacted at the meeting, reported by our correspondent. Further particulars will be published in a subsequent issue. Entries close at the office of the Secretary. Terms liberal and on application. Apply to the undersigned for full particulars. By order of the Committee.

The following were the results of the races and the several matters of business transacted at the meeting, reported by our correspondent. Further particulars will be published in a subsequent issue. Entries close at the office of the Secretary. Terms liberal and on application. Apply to the undersigned for full particulars. By order of the Committee.

The following were the results of the races and the several matters of business transacted at the meeting, reported by our correspondent. Further particulars will be published in a subsequent issue. Entries close at the office of the Secretary. Terms liberal and on application. Apply to the undersigned for full particulars. By order of the Committee.

The following were the results of the races and the several matters of business transacted at the meeting, reported by our correspondent. Further particulars will be published in a subsequent issue. Entries close at the office of the Secretary. Terms liberal and on application. Apply to the undersigned for full particulars. By order of the Committee.

LAND SALE.
WYLLIE & MASON

The following were the results of the races and the several matters of business transacted at the meeting, reported by our correspondent. Further particulars will be published in a subsequent issue. Entries close at the office of the Secretary. Terms liberal and on application. Apply to the undersigned for full particulars. By order of the Committee.

The following were the results of the races and the several matters of business transacted at the meeting, reported by our correspondent. Further particulars will be published in a subsequent issue. Entries close at the office of the Secretary. Terms liberal and on application. Apply to the undersigned for full particulars. By order of the Committee.

The following were the results of the races and the several matters of business transacted at the meeting, reported by our correspondent. Further particulars will be published in a subsequent issue. Entries close at the office of the Secretary. Terms liberal and on application. Apply to the undersigned for full particulars. By order of the Committee.

The following were the results of the races and the several matters of business transacted at the meeting, reported by our correspondent. Further particulars will be published in a subsequent issue. Entries close at the office of the Secretary. Terms liberal and on application. Apply to the undersigned for full particulars. By order of the Committee.

The following were the results of the races and the several matters of business transacted at the meeting, reported by our correspondent. Further particulars will be published in a subsequent issue. Entries close at the office of the Secretary. Terms liberal and on application. Apply to the undersigned for full particulars. By order of the Committee.

The following were the results of the races and the several matters of business transacted at the meeting, reported by our correspondent. Further particulars will be published in a subsequent issue. Entries close at the office of the Secretary. Terms liberal and on application. Apply to the undersigned for full particulars. By order of the Committee.

NOTICE.

The following were the results of the races and the several matters of business transacted at the meeting, reported by our correspondent. Further particulars will be published in a subsequent issue. Entries close at the office of the Secretary. Terms liberal and on application. Apply to the undersigned for full particulars. By order of the Committee.

The following were the results of the races and the several matters of business transacted at the meeting, reported by our correspondent. Further particulars will be published in a subsequent issue. Entries close at the office of the Secretary. Terms liberal and on application. Apply to the undersigned for full particulars. By order of the Committee.

WILLIAMS & KETTLE
[LIMITED.]
HAVE JUST LANDED,

The following were the results of the races and the several matters of business transacted at the meeting, reported by our correspondent. Further particulars will be published in a subsequent issue. Entries close at the office of the Secretary. Terms liberal and on application. Apply to the undersigned for full particulars. By order of the Committee.

The following were the results of the races and the several matters of business transacted at the meeting, reported by our correspondent. Further particulars will be published in a subsequent issue. Entries close at the office of the Secretary. Terms liberal and on application. Apply to the undersigned for full particulars. By order of the Committee.

The following were the results of the races and the several matters of business transacted at the meeting, reported by our correspondent. Further particulars will be published in a subsequent issue. Entries close at the office of the Secretary. Terms liberal and on application. Apply to the undersigned for full particulars. By order of the Committee.

The following were the results of the races and the several matters of business transacted at the meeting, reported by our correspondent. Further particulars will be published in a subsequent issue. Entries close at the office of the Secretary. Terms liberal and on application. Apply to the undersigned for full particulars. By order of the Committee.

The following were the results of the races and the several matters of business transacted at the meeting, reported by our correspondent. Further particulars will be published in a subsequent issue. Entries close at the office of the Secretary. Terms liberal and on application. Apply to the undersigned for full particulars. By order of the Committee.

The following were the results of the races and the several matters of business transacted at the meeting, reported by our correspondent. Further particulars will be published in a subsequent issue. Entries close at the office of the Secretary. Terms liberal and on application. Apply to the undersigned for full particulars. By order of the Committee.

The following were the results of the races and the several matters of business transacted at the meeting, reported by our correspondent. Further particulars will be published in a subsequent issue. Entries close at the office of the Secretary. Terms liberal and on application. Apply to the undersigned for full particulars. By order of the Committee.

The following were the results of the races and the several matters of business transacted at the meeting, reported by our correspondent. Further particulars will be published in a subsequent issue. Entries close at the office of the Secretary. Terms liberal and on application. Apply to the undersigned for full particulars. By order of the Committee.

The following were the results of the races and the several matters of business transacted at the meeting, reported by our correspondent. Further particulars will be published in a subsequent issue. Entries close at the office of the Secretary. Terms liberal and on application. Apply to the undersigned for full particulars. By order of the Committee.

A. F. KENNEDY,
IMPERIAL ART STUDIO.
J. D. KELLEY & CO.,

The following were the results of the races and the several matters of business transacted at the meeting, reported by our correspondent. Further particulars will be published in a subsequent issue. Entries close at the office of the Secretary. Terms liberal and on application. Apply to the undersigned for full particulars. By order of the Committee.

GREAT SALE OF GROCERIES!
D. T. HUGHES,

The following were the results of the races and the several matters of business transacted at the meeting, reported by our correspondent. Further particulars will be published in a subsequent issue. Entries close at the office of the Secretary. Terms liberal and on application. Apply to the undersigned for full particulars. By order of the Committee.

The following were the results of the races and the several matters of business transacted at the meeting, reported by our correspondent. Further particulars will be published in a subsequent issue. Entries close at the office of the Secretary. Terms liberal and on application. Apply to the undersigned for full particulars. By order of the Committee.

The following were the results of the races and the several matters of business transacted at the meeting, reported by our correspondent. Further particulars will be published in a subsequent issue. Entries close at the office of the Secretary. Terms liberal and on application. Apply to the undersigned for full particulars. By order of the Committee.

E. D. SMITH,
CHEMIST.

The following were the results of the races and the several matters of business transacted at the meeting, reported by our correspondent. Further particulars will be published in a subsequent issue. Entries close at the office of the Secretary. Terms liberal and on application. Apply to the undersigned for full particulars. By order of the Committee.

E. D. SMITH,

The following were the results of the races and the several matters of business transacted at the meeting, reported by our correspondent. Further particulars will be published in a subsequent issue. Entries close at the office of the Secretary. Terms liberal and on application. Apply to the undersigned for full particulars. By order of the Committee.

The following were the results of the races and the several matters of business transacted at the meeting, reported by our correspondent. Further particulars will be published in a subsequent issue. Entries close at the office of the Secretary. Terms liberal and on application. Apply to the undersigned for full particulars. By order of the Committee.

The following were the results of the races and the several matters of business transacted at the meeting, reported by our correspondent. Further particulars will be published in a subsequent issue. Entries close at the office of the Secretary. Terms liberal and on application. Apply to the undersigned for full particulars. By order of the Committee.

The following were the results of the races and the several matters of business transacted at the meeting, reported by our correspondent. Further particulars will be published in a subsequent issue. Entries close at the office of the Secretary. Terms liberal and on application. Apply to the undersigned for full particulars. By order of the Committee.

The following were the results of the races and the several matters of business transacted at the meeting, reported by our correspondent. Further particulars will be published in a subsequent issue. Entries close at the office of the Secretary. Terms liberal and on application. Apply to the undersigned for full particulars. By order of the Committee.

The following were the results of the races and the several matters of business transacted at the meeting, reported by our correspondent. Further particulars will be published in a subsequent issue. Entries close at the office of the Secretary. Terms liberal and on application. Apply to the undersigned for full particulars. By order of the Committee.

COMMON, SHELTON
AND CO., LIMITED.
STOCK, STATION, INSURANCE AND GENERAL COMMISSION AGENTS, WOOL, PRODUCE, & GENERAL MERCHANTS, AUCTIONEERS, IMPORTERS, ETC., ETC.
UNIVERSAL PROVIDERS.
FOR SALE.

The following were the results of the races and the several matters of business transacted at the meeting, reported by our correspondent. Further particulars will be published in a subsequent issue. Entries close at the office of the Secretary. Terms liberal and on application. Apply to the undersigned for full particulars. By order of the Committee.

The following were the results of the races and the several matters of business transacted at the meeting, reported by our correspondent. Further particulars will be published in a subsequent issue. Entries close at the office of the Secretary. Terms liberal and on application. Apply to the undersigned for full particulars. By order of the Committee.

OUR CASH SYSTEM

The following were the results of the races and the several matters of business transacted at the meeting, reported by our correspondent. Further particulars will be published in a subsequent issue. Entries close at the office of the Secretary. Terms liberal and on application. Apply to the undersigned for full particulars. By order of the Committee.

SOFT GOODS DEPARTMENT.

The following were the results of the races and the several matters of business transacted at the meeting, reported by our correspondent. Further particulars will be published in a subsequent issue. Entries close at the office of the Secretary. Terms liberal and on application. Apply to the undersigned for full particulars. By order of the Committee.

MANCHESTER DEPARTMENT.

The following were the results of the races and the several matters of business transacted at the meeting, reported by our correspondent. Further particulars will be published in a subsequent issue. Entries close at the office of the Secretary. Terms liberal and on application. Apply to the undersigned for full particulars. By order of the Committee.

FLANNELETTES.

The following were the results of the races and the several matters of business transacted at the meeting, reported by our correspondent. Further particulars will be published in a subsequent issue. Entries close at the office of the Secretary. Terms liberal and on application. Apply to the undersigned for full particulars. By order of the Committee.

DRESSES & PRINTS.

The following were the results of the races and the several matters of business transacted at the meeting, reported by our correspondent. Further particulars will be published in a subsequent issue. Entries close at the office of the Secretary. Terms liberal and on application. Apply to the undersigned for full particulars. By order of the Committee.

CLOTHING AND MERCERY.

The following were the results of the races and the several matters of business transacted at the meeting, reported by our correspondent. Further particulars will be published in a subsequent issue. Entries close at the office of the Secretary. Terms liberal and on application. Apply to the undersigned for full particulars. By order of the Committee.

The following were the results of the races and the several matters of business transacted at the meeting, reported by our correspondent. Further particulars will be published in a subsequent issue. Entries close at the office of the Secretary. Terms liberal and on application. Apply to the undersigned for full particulars. By order of the Committee.

BOOTS.

The following were the results of the races and the several matters of business transacted at the meeting, reported by our correspondent. Further particulars will be published in a subsequent issue. Entries close at the office of the Secretary. Terms liberal and on application. Apply to the undersigned for full particulars. By order of the Committee.

SADDLERY.

The following were the results of the races and the several matters of business transacted at the meeting, reported by our correspondent. Further particulars will be published in a subsequent issue. Entries close at the office of the Secretary. Terms liberal and on application. Apply to the undersigned for full particulars. By order of the Committee.

COMMON, SHELTON AND CO.
